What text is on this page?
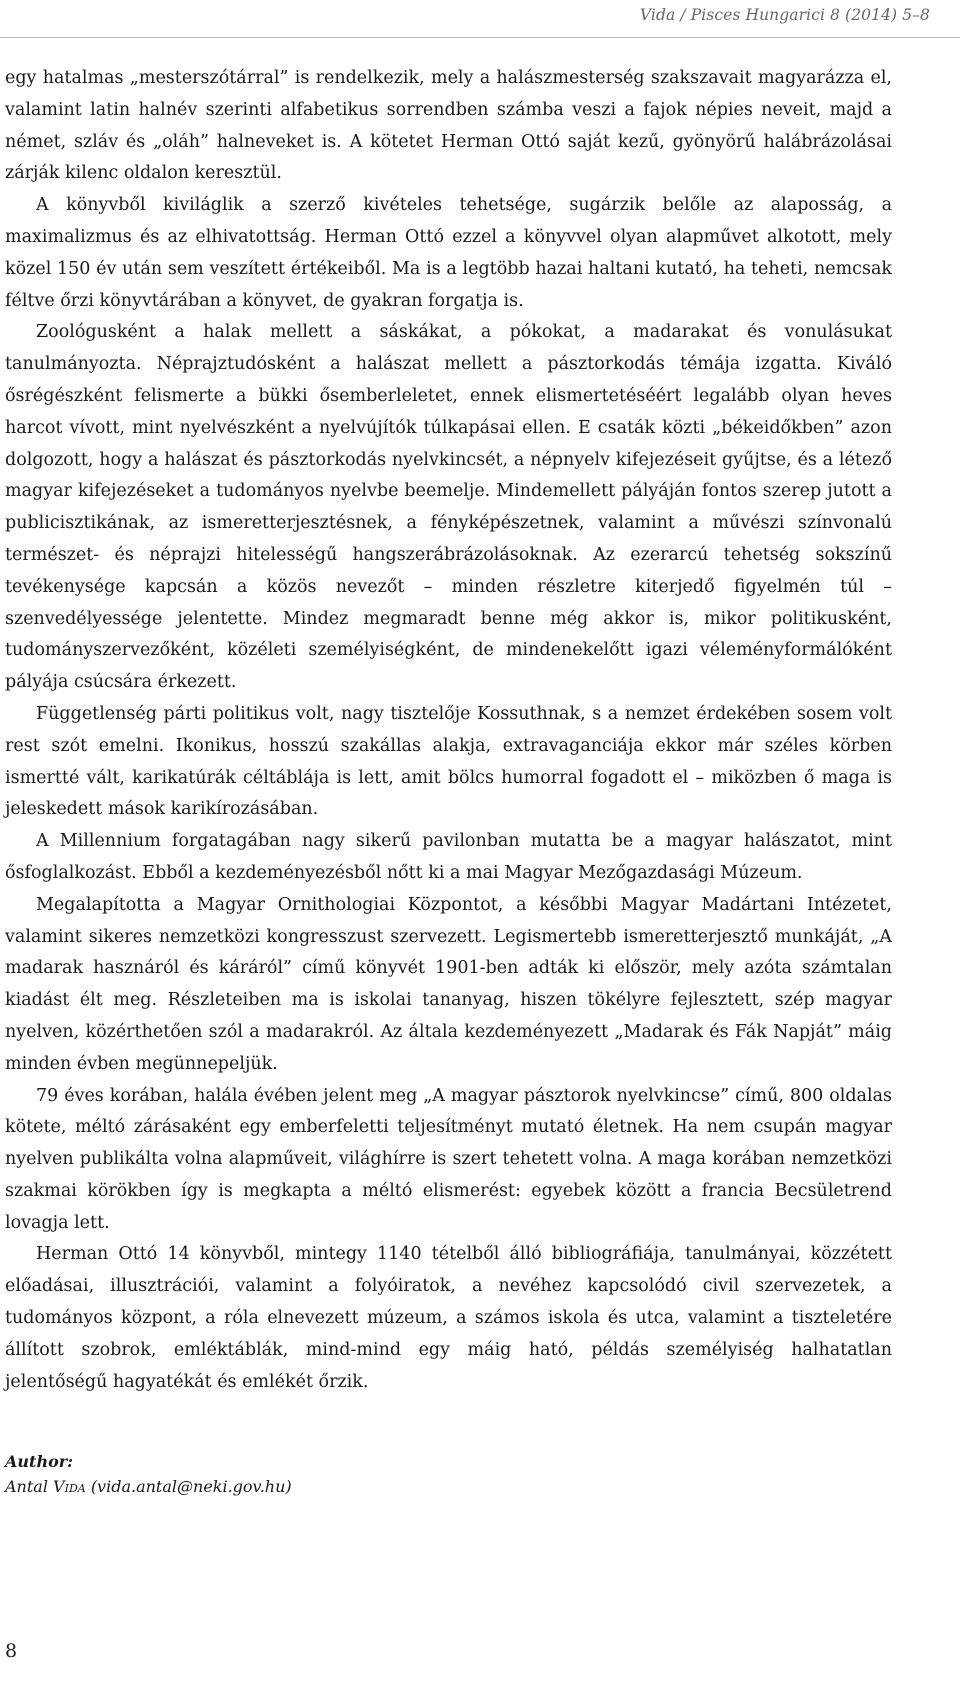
Vida / Pisces Hungarici 8 (2014) 5–8

egy hatalmas „mesterszótárral” is rendelkezik, mely a halászmesterség szakszavait magyarázza el, valamint latin halnév szerinti alfabetikus sorrendben számba veszi a fajok népies neveit, majd a német, szláv és „oláh” halneveket is. A kötetet Herman Ottó saját kezű, gyönyörű halábrázolásai zárják kilenc oldalon keresztül.

A könyvből kiviláglik a szerző kivételes tehetsége, sugárzik belőle az alaposság, a maximalizmus és az elhivatottság. Herman Ottó ezzel a könyvvel olyan alapművet alkotott, mely közel 150 év után sem veszített értékeiből. Ma is a legtöbb hazai haltani kutató, ha teheti, nemcsak féltve őrzi könyvtárában a könyvet, de gyakran forgatja is.

Zoológusként a halak mellett a sáskákat, a pókokat, a madarakat és vonulásukat tanulmányozta. Néprajztudósként a halászat mellett a pásztorkodás témája izgatta. Kiváló ősrégészként felismerte a bükki ősemberleletet, ennek elismertetéséért legalább olyan heves harcot vívott, mint nyelvészként a nyelvújítók túlkapásai ellen. E csaták közti „békeidőkben” azon dolgozott, hogy a halászat és pásztorkodás nyelvkincsét, a népnyelv kifejezéseit gyűjtse, és a létező magyar kifejezéseket a tudományos nyelvbe beemelje. Mindemellett pályáján fontos szerep jutott a publicisztikának, az ismeretterjesztésnek, a fényképészetnek, valamint a művészi színvonalú természet- és néprajzi hitelességű hangszerábrázolásoknak. Az ezerarcú tehetség sokszínű tevékenysége kapcsán a közös nevezőt – minden részletre kiterjedő figyelmén túl – szenvedélyessége jelentette. Mindez megmaradt benne még akkor is, mikor politikusként, tudományszervezőként, közéleti személyiségként, de mindenekelőtt igazi véleményformálóként pályája csúcsára érkezett.

Függetlenség párti politikus volt, nagy tisztelője Kossuthnak, s a nemzet érdekében sosem volt rest szót emelni. Ikonikus, hosszú szakállas alakja, extravaganciája ekkor már széles körben ismertté vált, karikatúrák céltáblája is lett, amit bölcs humorral fogadott el – miközben ő maga is jeleskedett mások karikírozásában.

A Millennium forgatagában nagy sikerű pavilonban mutatta be a magyar halászatot, mint ősfoglalkozást. Ebből a kezdeményezésből nőtt ki a mai Magyar Mezőgazdasági Múzeum.

Megalapította a Magyar Ornithologiai Központot, a későbbi Magyar Madártani Intézetet, valamint sikeres nemzetközi kongresszust szervezett. Legismertebb ismeretterjesztő munkáját, „A madarak hasznáról és káráról” című könyvét 1901-ben adták ki először, mely azóta számtalan kiadást élt meg. Részleteiben ma is iskolai tananyag, hiszen tökélyre fejlesztett, szép magyar nyelven, közérthetően szól a madarakról. Az általa kezdeményezett „Madarak és Fák Napját” máig minden évben megünnepeljük.

79 éves korában, halála évében jelent meg „A magyar pásztorok nyelvkincse” című, 800 oldalas kötete, méltó zárásaként egy emberfeletti teljesítményt mutató életnek. Ha nem csupán magyar nyelven publikálta volna alapműveit, világhírre is szert tehetett volna. A maga korában nemzetközi szakmai körökben így is megkapta a méltó elismerést: egyebek között a francia Becsületrend lovagja lett.

Herman Ottó 14 könyvből, mintegy 1140 tételből álló bibliográfiája, tanulmányai, közzétett előadásai, illusztrációi, valamint a folyóiratok, a nevéhez kapcsolódó civil szervezetek, a tudományos központ, a róla elnevezett múzeum, a számos iskola és utca, valamint a tiszteletére állított szobrok, emléktáblák, mind-mind egy máig ható, példás személyiség halhatatlan jelentőségű hagyatékát és emlékét őrzik.

Author:
Antal Vida (vida.antal@neki.gov.hu)
8
